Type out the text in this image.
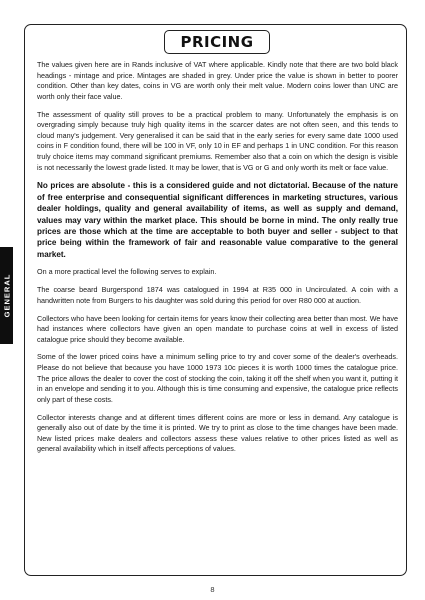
PRICING
GENERAL

The values given here are in Rands inclusive of VAT where applicable. Kindly note that there are two bold black headings - mintage and price. Mintages are shaded in grey. Under price the value is shown in better to poorer condition. Other than key dates, coins in VG are worth only their melt value. Modern coins lower than UNC are worth only their face value.

The assessment of quality still proves to be a practical problem to many. Unfortunately the emphasis is on overgrading simply because truly high quality items in the scarcer dates are not often seen, and this tends to cloud many's judgement. Very generalised it can be said that in the early series for every same date 1000 used coins in F condition found, there will be 100 in VF, only 10 in EF and perhaps 1 in UNC condition. For this reason truly choice items may command significant premiums. Remember also that a coin on which the design is visible is not necessarily the lowest grade listed. It may be lower, that is VG or G and only worth its melt or face value.

No prices are absolute - this is a considered guide and not dictatorial. Because of the nature of free enterprise and consequential significant differences in marketing structures, various dealer holdings, quality and general availability of items, as well as supply and demand, values may vary within the market place. This should be borne in mind. The only really true prices are those which at the time are acceptable to both buyer and seller - subject to that price being within the framework of fair and reasonable value comparative to the general market.

On a more practical level the following serves to explain.

The coarse beard Burgerspond 1874 was catalogued in 1994 at R35 000 in Uncirculated. A coin with a handwritten note from Burgers to his daughter was sold during this period for over R80 000 at auction.

Collectors who have been looking for certain items for years know their collecting area better than most. We have had instances where collectors have given an open mandate to purchase coins at well in excess of listed catalogue price should they become available.

Some of the lower priced coins have a minimum selling price to try and cover some of the dealer's overheads. Please do not believe that because you have 1000 1973 10c pieces it is worth 1000 times the catalogue price. The price allows the dealer to cover the cost of stocking the coin, taking it off the shelf when you want it, putting it in an envelope and sending it to you. Although this is time consuming and expensive, the catalogue price reflects only part of these costs.

Collector interests change and at different times different coins are more or less in demand. Any catalogue is generally also out of date by the time it is printed. We try to print as close to the time changes have been made. New listed prices make dealers and collectors assess these values relative to other prices listed as well as general availability which in itself affects perceptions of values.

8
